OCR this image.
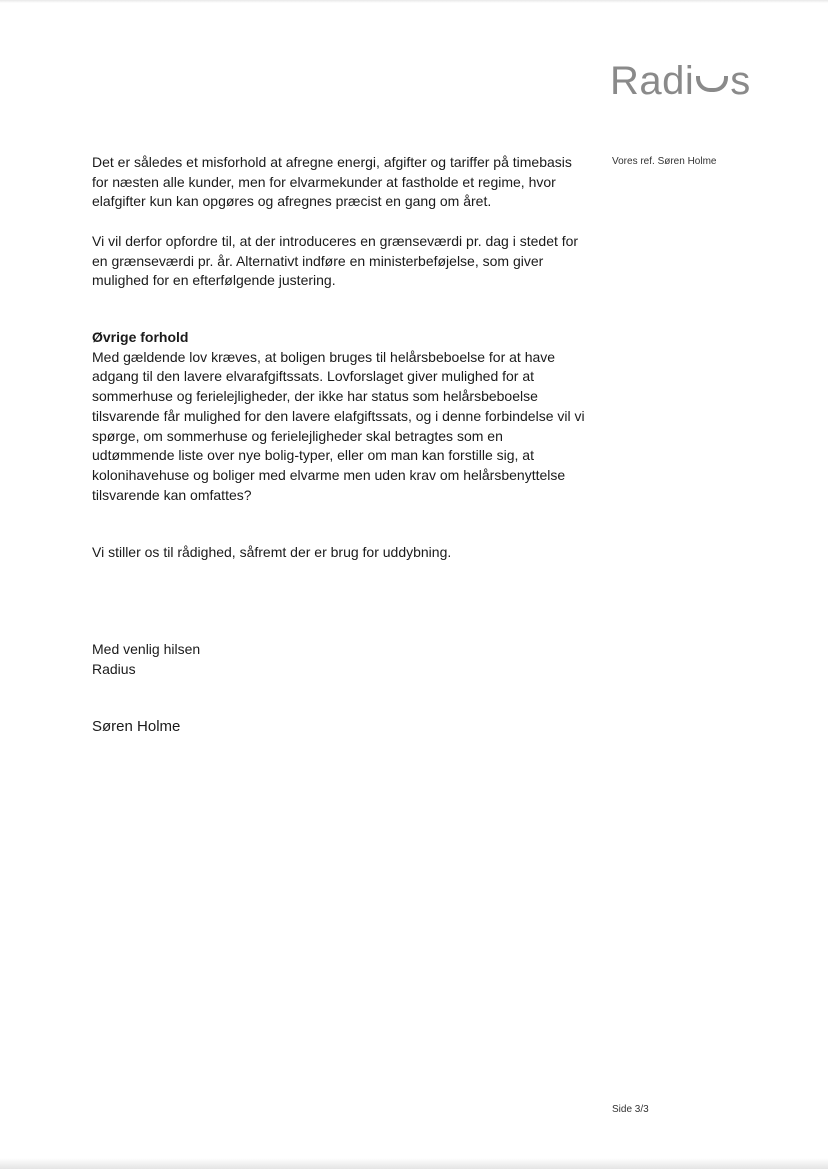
Radi s
Vores ref. Søren Holme
Det er således et misforhold at afregne energi, afgifter og tariffer på timebasis
for næsten alle kunder, men for elvarmekunder at fastholde et regime, hvor
elafgifter kun kan opgøres og afregnes præcist en gang om året.
Vi vil derfor opfordre til, at der introduceres en grænseværdi pr. dag i stedet for
en grænseværdi pr. år. Alternativt indføre en ministerbeføjelse, som giver
mulighed for en efterfølgende justering.
Øvrige forhold
Med gældende lov kræves, at boligen bruges til helårsbeboelse for at have
adgang til den lavere elvarafgiftssats. Lovforslaget giver mulighed for at
sommerhuse og ferielejligheder, der ikke har status som helårsbeboelse
tilsvarende får mulighed for den lavere elafgiftssats, og i denne forbindelse vil vi
spørge, om sommerhuse og ferielejligheder skal betragtes som en
udtømmende liste over nye bolig-typer, eller om man kan forstille sig, at
kolonihavehuse og boliger med elvarme men uden krav om helårsbenyttelse
tilsvarende kan omfattes?
Vi stiller os til rådighed, såfremt der er brug for uddybning.
Med venlig hilsen
Radius
Søren Holme
Side 3/3
